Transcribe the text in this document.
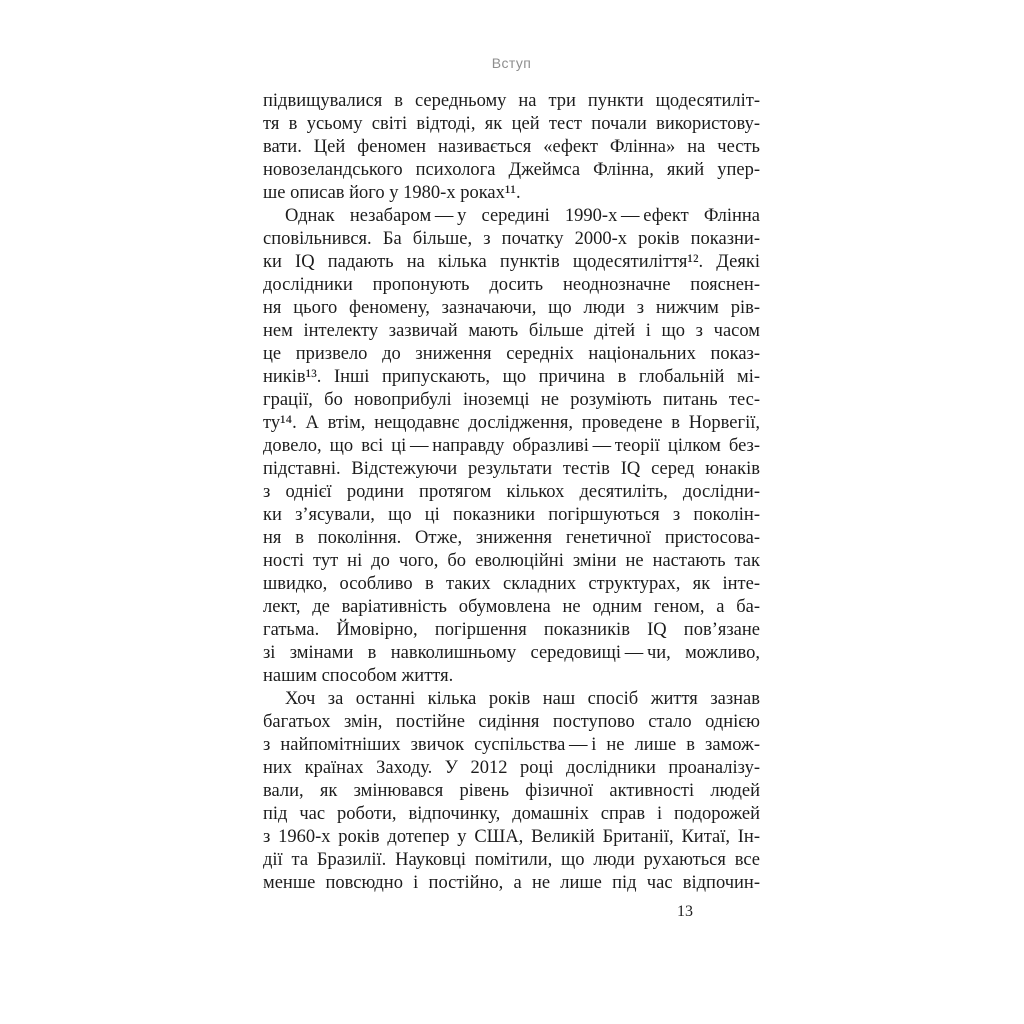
Вступ
підвищувалися в середньому на три пункти щодесятиліт-
тя в усьому світі відтоді, як цей тест почали використову-
вати. Цей феномен називається «ефект Флінна» на честь
новозеландського психолога Джеймса Флінна, який упер-
ше описав його у 1980-х роках¹¹.
Однак незабаром — у середині 1990-х — ефект Флінна
сповільнився. Ба більше, з початку 2000-х років показни-
ки IQ падають на кілька пунктів щодесятиліття¹². Деякі
дослідники пропонують досить неоднозначне пояснен-
ня цього феномену, зазначаючи, що люди з нижчим рів-
нем інтелекту зазвичай мають більше дітей і що з часом
це призвело до зниження середніх національних показ-
ників¹³. Інші припускають, що причина в глобальній мі-
грації, бо новоприбулі іноземці не розуміють питань тес-
ту¹⁴. А втім, нещодавнє дослідження, проведене в Норвегії,
довело, що всі ці — направду образливі — теорії цілком без-
підставні. Відстежуючи результати тестів IQ серед юнаків
з однієї родини протягом кількох десятиліть, дослідни-
ки з’ясували, що ці показники погіршуються з поколін-
ня в покоління. Отже, зниження генетичної пристосова-
ності тут ні до чого, бо еволюційні зміни не настають так
швидко, особливо в таких складних структурах, як інте-
лект, де варіативність обумовлена не одним геном, а ба-
гатьма. Ймовірно, погіршення показників IQ пов’язане
зі змінами в навколишньому середовищі — чи, можливо,
нашим способом життя.
Хоч за останні кілька років наш спосіб життя зазнав
багатьох змін, постійне сидіння поступово стало однією
з найпомітніших звичок суспільства — і не лише в замож-
них країнах Заходу. У 2012 році дослідники проаналізу-
вали, як змінювався рівень фізичної активності людей
під час роботи, відпочинку, домашніх справ і подорожей
з 1960-х років дотепер у США, Великій Британії, Китаї, Ін-
дії та Бразилії. Науковці помітили, що люди рухаються все
менше повсюдно і постійно, а не лише під час відпочин-
13
